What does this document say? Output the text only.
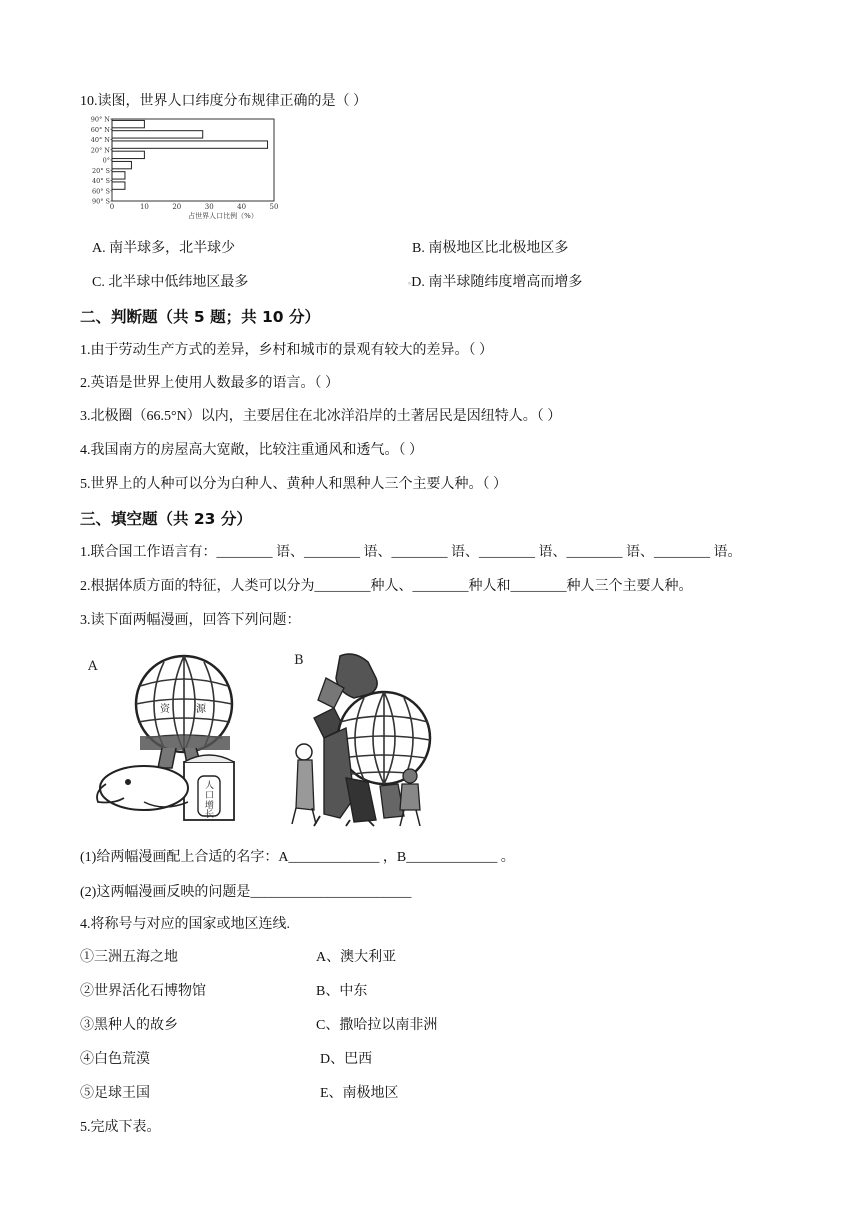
10.读图，世界人口纬度分布规律正确的是（ ）
90° N
60° N
40° N
20° N
0°
20° S
40° S
60° S
90° S
0	10	20	30	40	50
占世界人口比例（%）
A. 南半球多，北半球少	B. 南极地区比北极地区多
C. 北半球中低纬地区最多	◦D. 南半球随纬度增高而增多
二、判断题（共 5 题；共 10 分）
1.由于劳动生产方式的差异，乡村和城市的景观有较大的差异。（ ）
2.英语是世界上使用人数最多的语言。（ ）
3.北极圈（66.5°N）以内，主要居住在北冰洋沿岸的土著居民是因纽特人。（ ）
4.我国南方的房屋高大宽敞，比较注重通风和透气。（ ）
5.世界上的人种可以分为白种人、黄种人和黑种人三个主要人种。（ ）
三、填空题（共 23 分）
1.联合国工作语言有：________ 语、________ 语、________ 语、________ 语、________ 语、________ 语。
2.根据体质方面的特征，人类可以分为________种人、________种人和________种人三个主要人种。
3.读下面两幅漫画，回答下列问题：
A
资	源
人 口 增 长
B
(1)给两幅漫画配上合适的名字：A_____________ ，B_____________ 。
(2)这两幅漫画反映的问题是_______________________
4.将称号与对应的国家或地区连线.
①三洲五海之地	A、澳大利亚
②世界活化石博物馆	B、中东
③黑种人的故乡	C、撒哈拉以南非洲
④白色荒漠	D、巴西
⑤足球王国	E、南极地区
5.完成下表。
